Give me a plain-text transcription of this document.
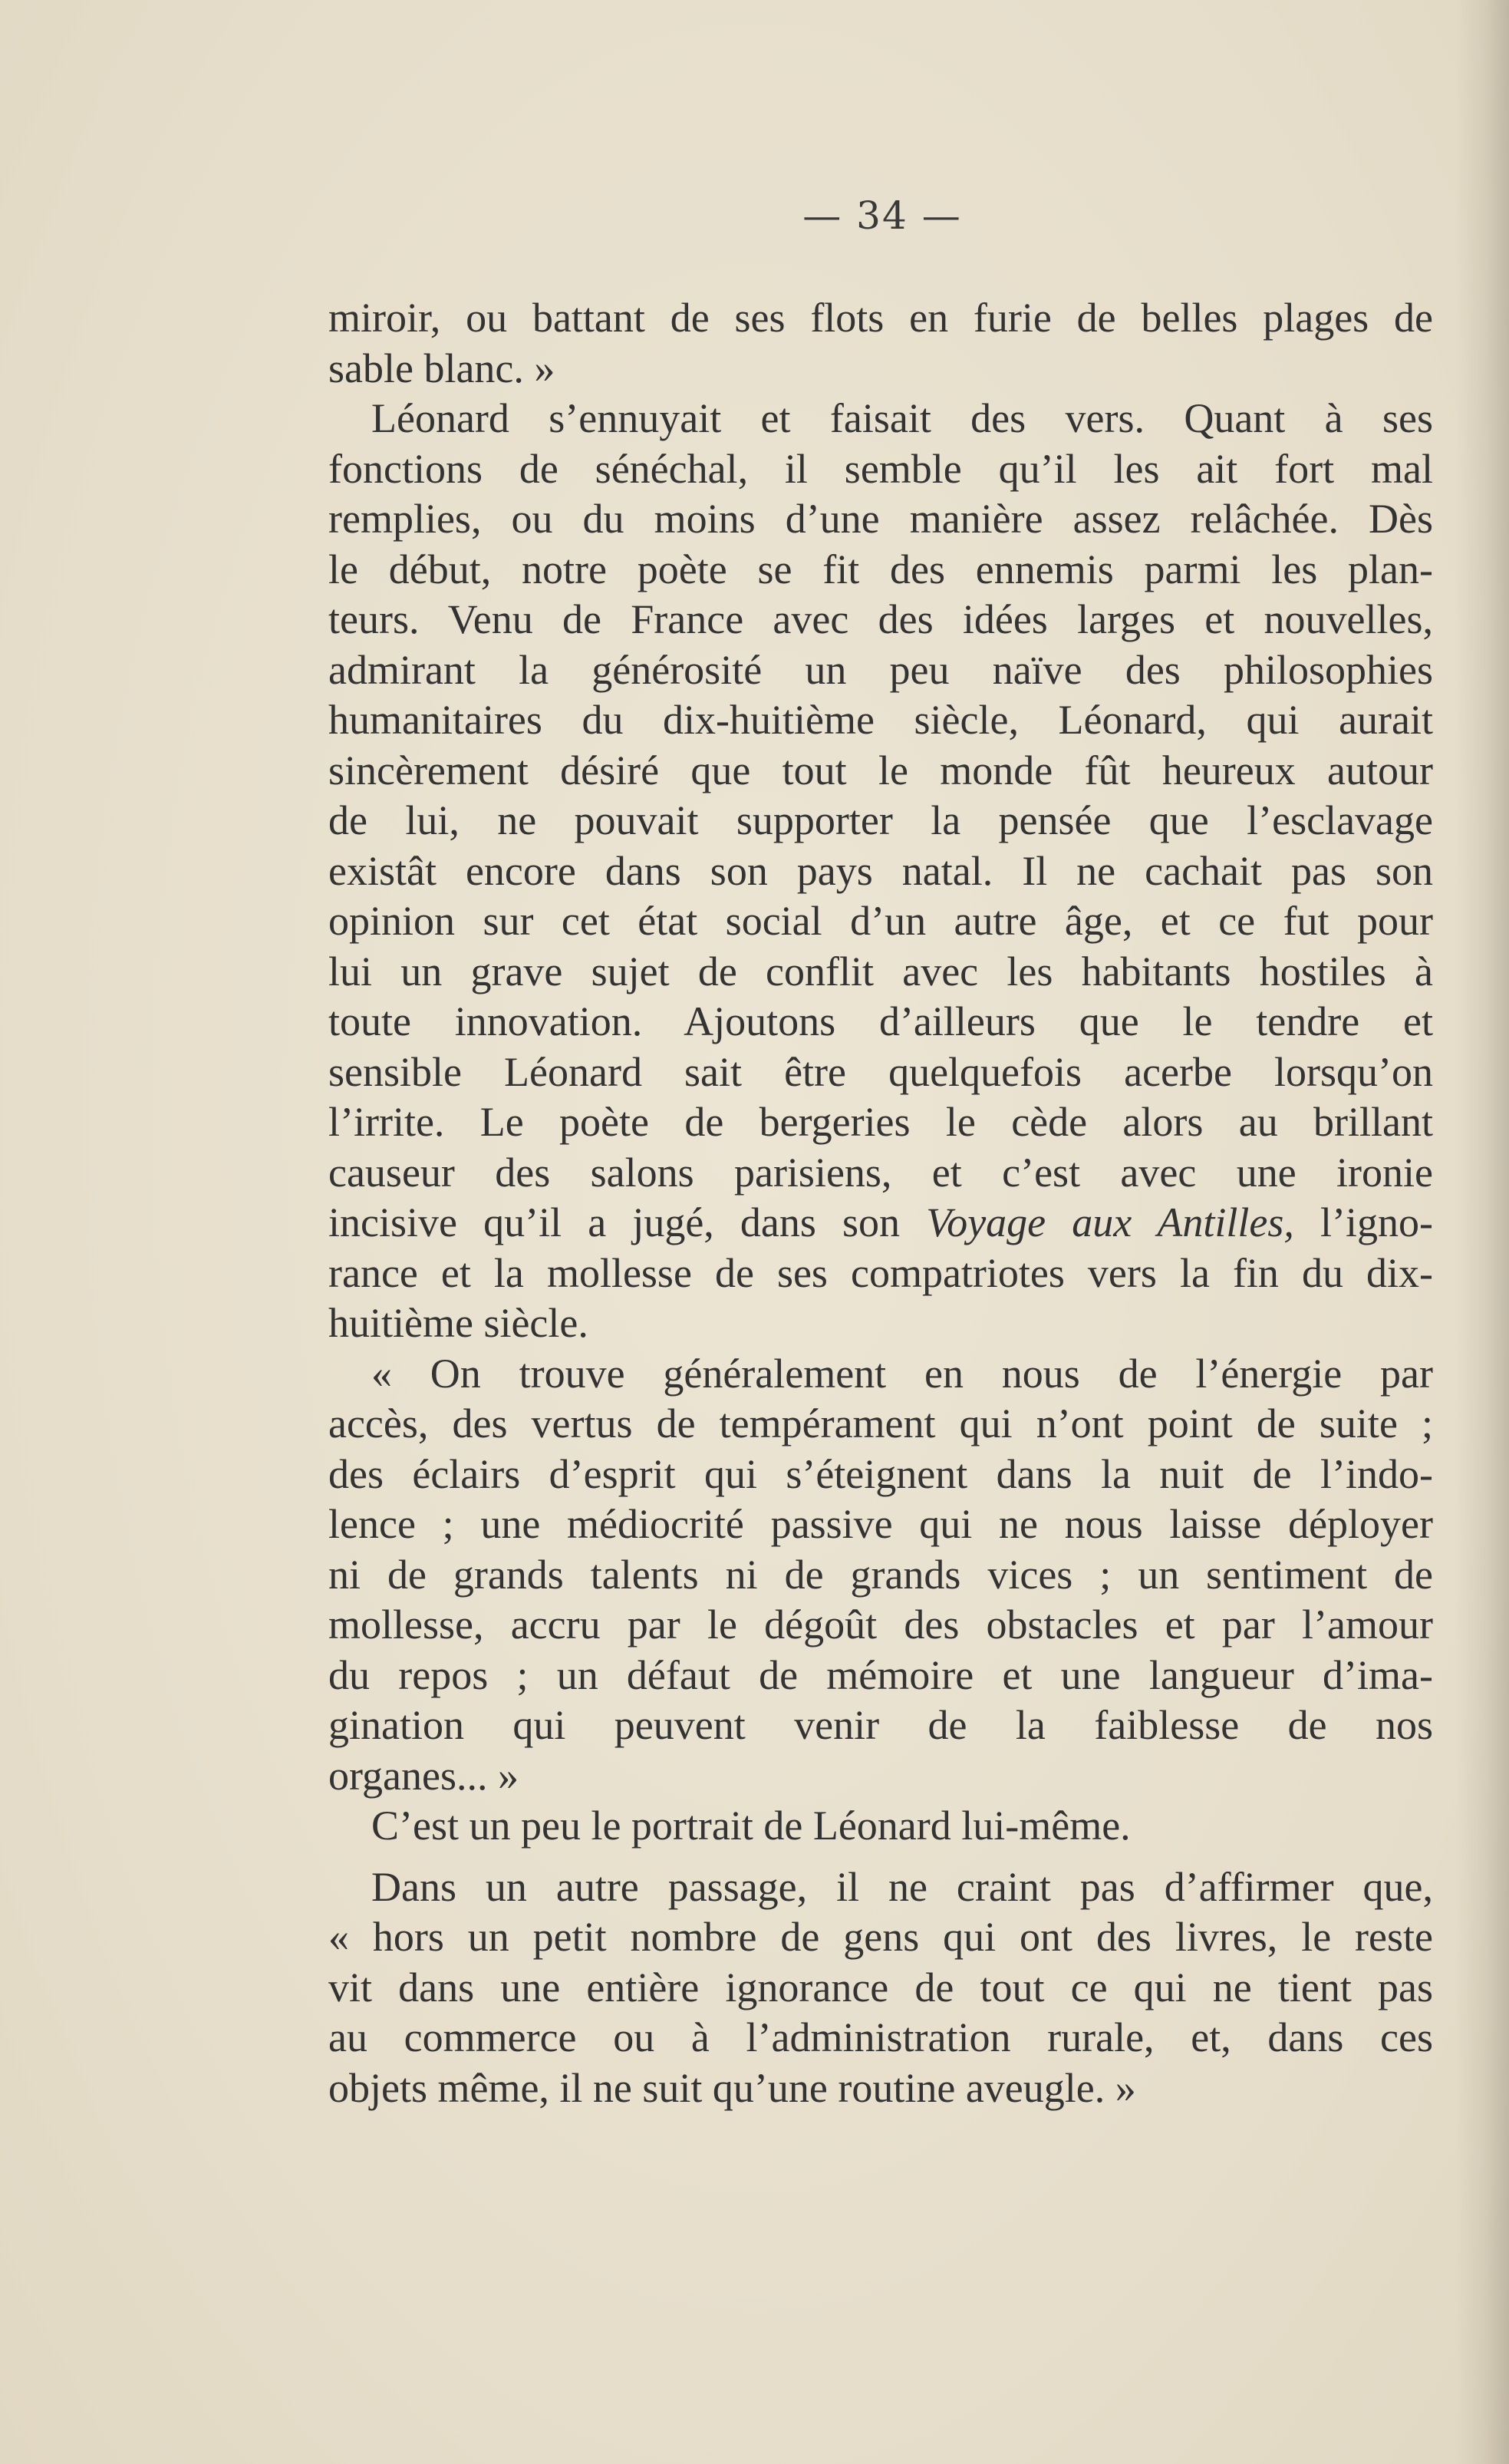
— 34 —
miroir, ou battant de ses flots en furie de belles plages de
sable blanc. »
Léonard s’ennuyait et faisait des vers. Quant à ses
fonctions de sénéchal, il semble qu’il les ait fort mal
remplies, ou du moins d’une manière assez relâchée. Dès
le début, notre poète se fit des ennemis parmi les plan-
teurs. Venu de France avec des idées larges et nouvelles,
admirant la générosité un peu naïve des philosophies
humanitaires du dix-huitième siècle, Léonard, qui aurait
sincèrement désiré que tout le monde fût heureux autour
de lui, ne pouvait supporter la pensée que l’esclavage
existât encore dans son pays natal. Il ne cachait pas son
opinion sur cet état social d’un autre âge, et ce fut pour
lui un grave sujet de conflit avec les habitants hostiles à
toute innovation. Ajoutons d’ailleurs que le tendre et
sensible Léonard sait être quelquefois acerbe lorsqu’on
l’irrite. Le poète de bergeries le cède alors au brillant
causeur des salons parisiens, et c’est avec une ironie
incisive qu’il a jugé, dans son Voyage aux Antilles, l’igno-
rance et la mollesse de ses compatriotes vers la fin du dix-
huitième siècle.
« On trouve généralement en nous de l’énergie par
accès, des vertus de tempérament qui n’ont point de suite ;
des éclairs d’esprit qui s’éteignent dans la nuit de l’indo-
lence ; une médiocrité passive qui ne nous laisse déployer
ni de grands talents ni de grands vices ; un sentiment de
mollesse, accru par le dégoût des obstacles et par l’amour
du repos ; un défaut de mémoire et une langueur d’ima-
gination qui peuvent venir de la faiblesse de nos
organes... »
C’est un peu le portrait de Léonard lui-même.
Dans un autre passage, il ne craint pas d’affirmer que,
« hors un petit nombre de gens qui ont des livres, le reste
vit dans une entière ignorance de tout ce qui ne tient pas
au commerce ou à l’administration rurale, et, dans ces
objets même, il ne suit qu’une routine aveugle. »
